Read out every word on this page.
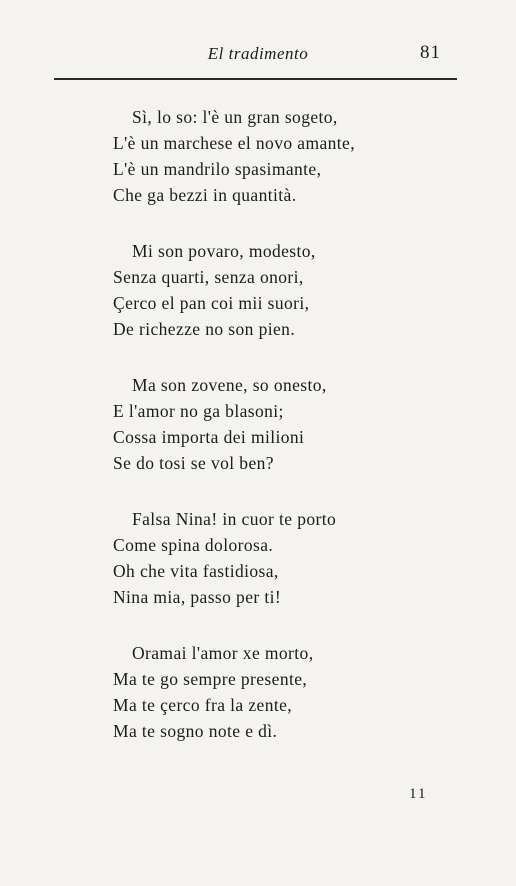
El tradimento	81
Sì, lo so: l'è un gran sogeto,
L'è un marchese el novo amante,
L'è un mandrilo spasimante,
Che ga bezzi in quantità.
Mi son povaro, modesto,
Senza quarti, senza onori,
Çerco el pan coi mii suori,
De richezze no son pien.
Ma son zovene, so onesto,
E l'amor no ga blasoni;
Cossa importa dei milioni
Se do tosi se vol ben?
Falsa Nina! in cuor te porto
Come spina dolorosa.
Oh che vita fastidiosa,
Nina mia, passo per ti!
Oramai l'amor xe morto,
Ma te go sempre presente,
Ma te çerco fra la zente,
Ma te sogno note e dì.
11
